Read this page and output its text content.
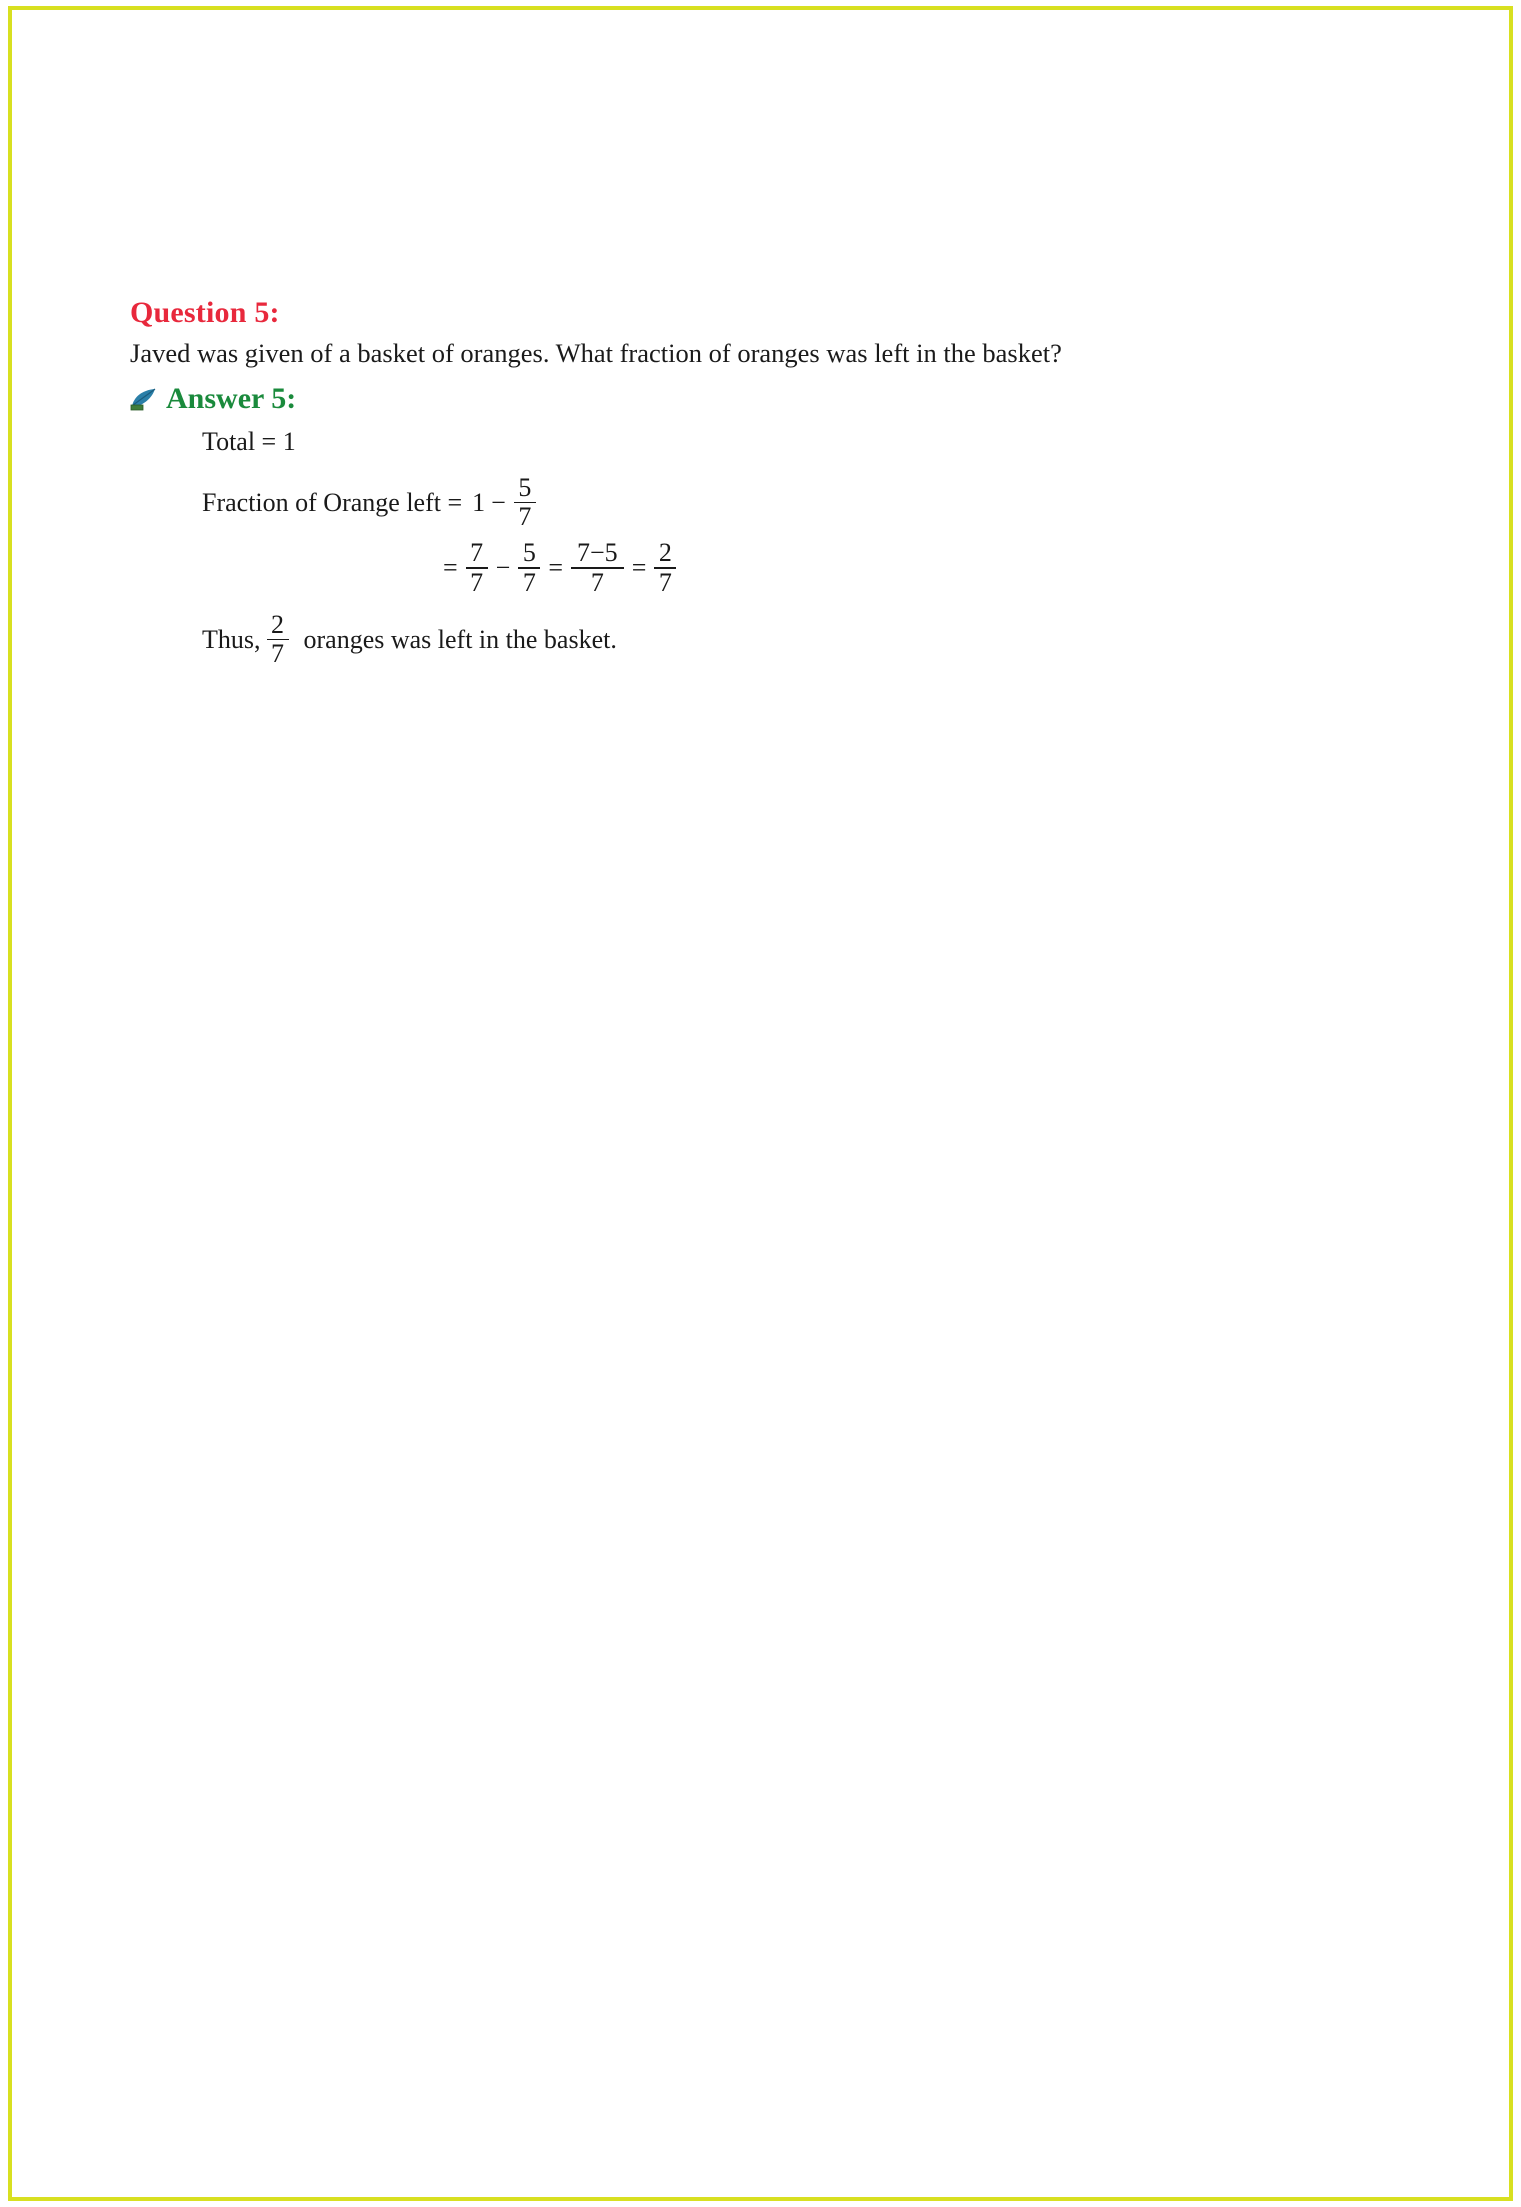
Question 5:
Javed was given of a basket of oranges. What fraction of oranges was left in the basket?
Answer 5:
Total = 1
Fraction of Orange left = $1 - \frac{5}{7}$
= $\frac{7}{7} - \frac{5}{7} = \frac{7-5}{7} = \frac{2}{7}$
Thus, $\frac{2}{7}$ oranges was left in the basket.
